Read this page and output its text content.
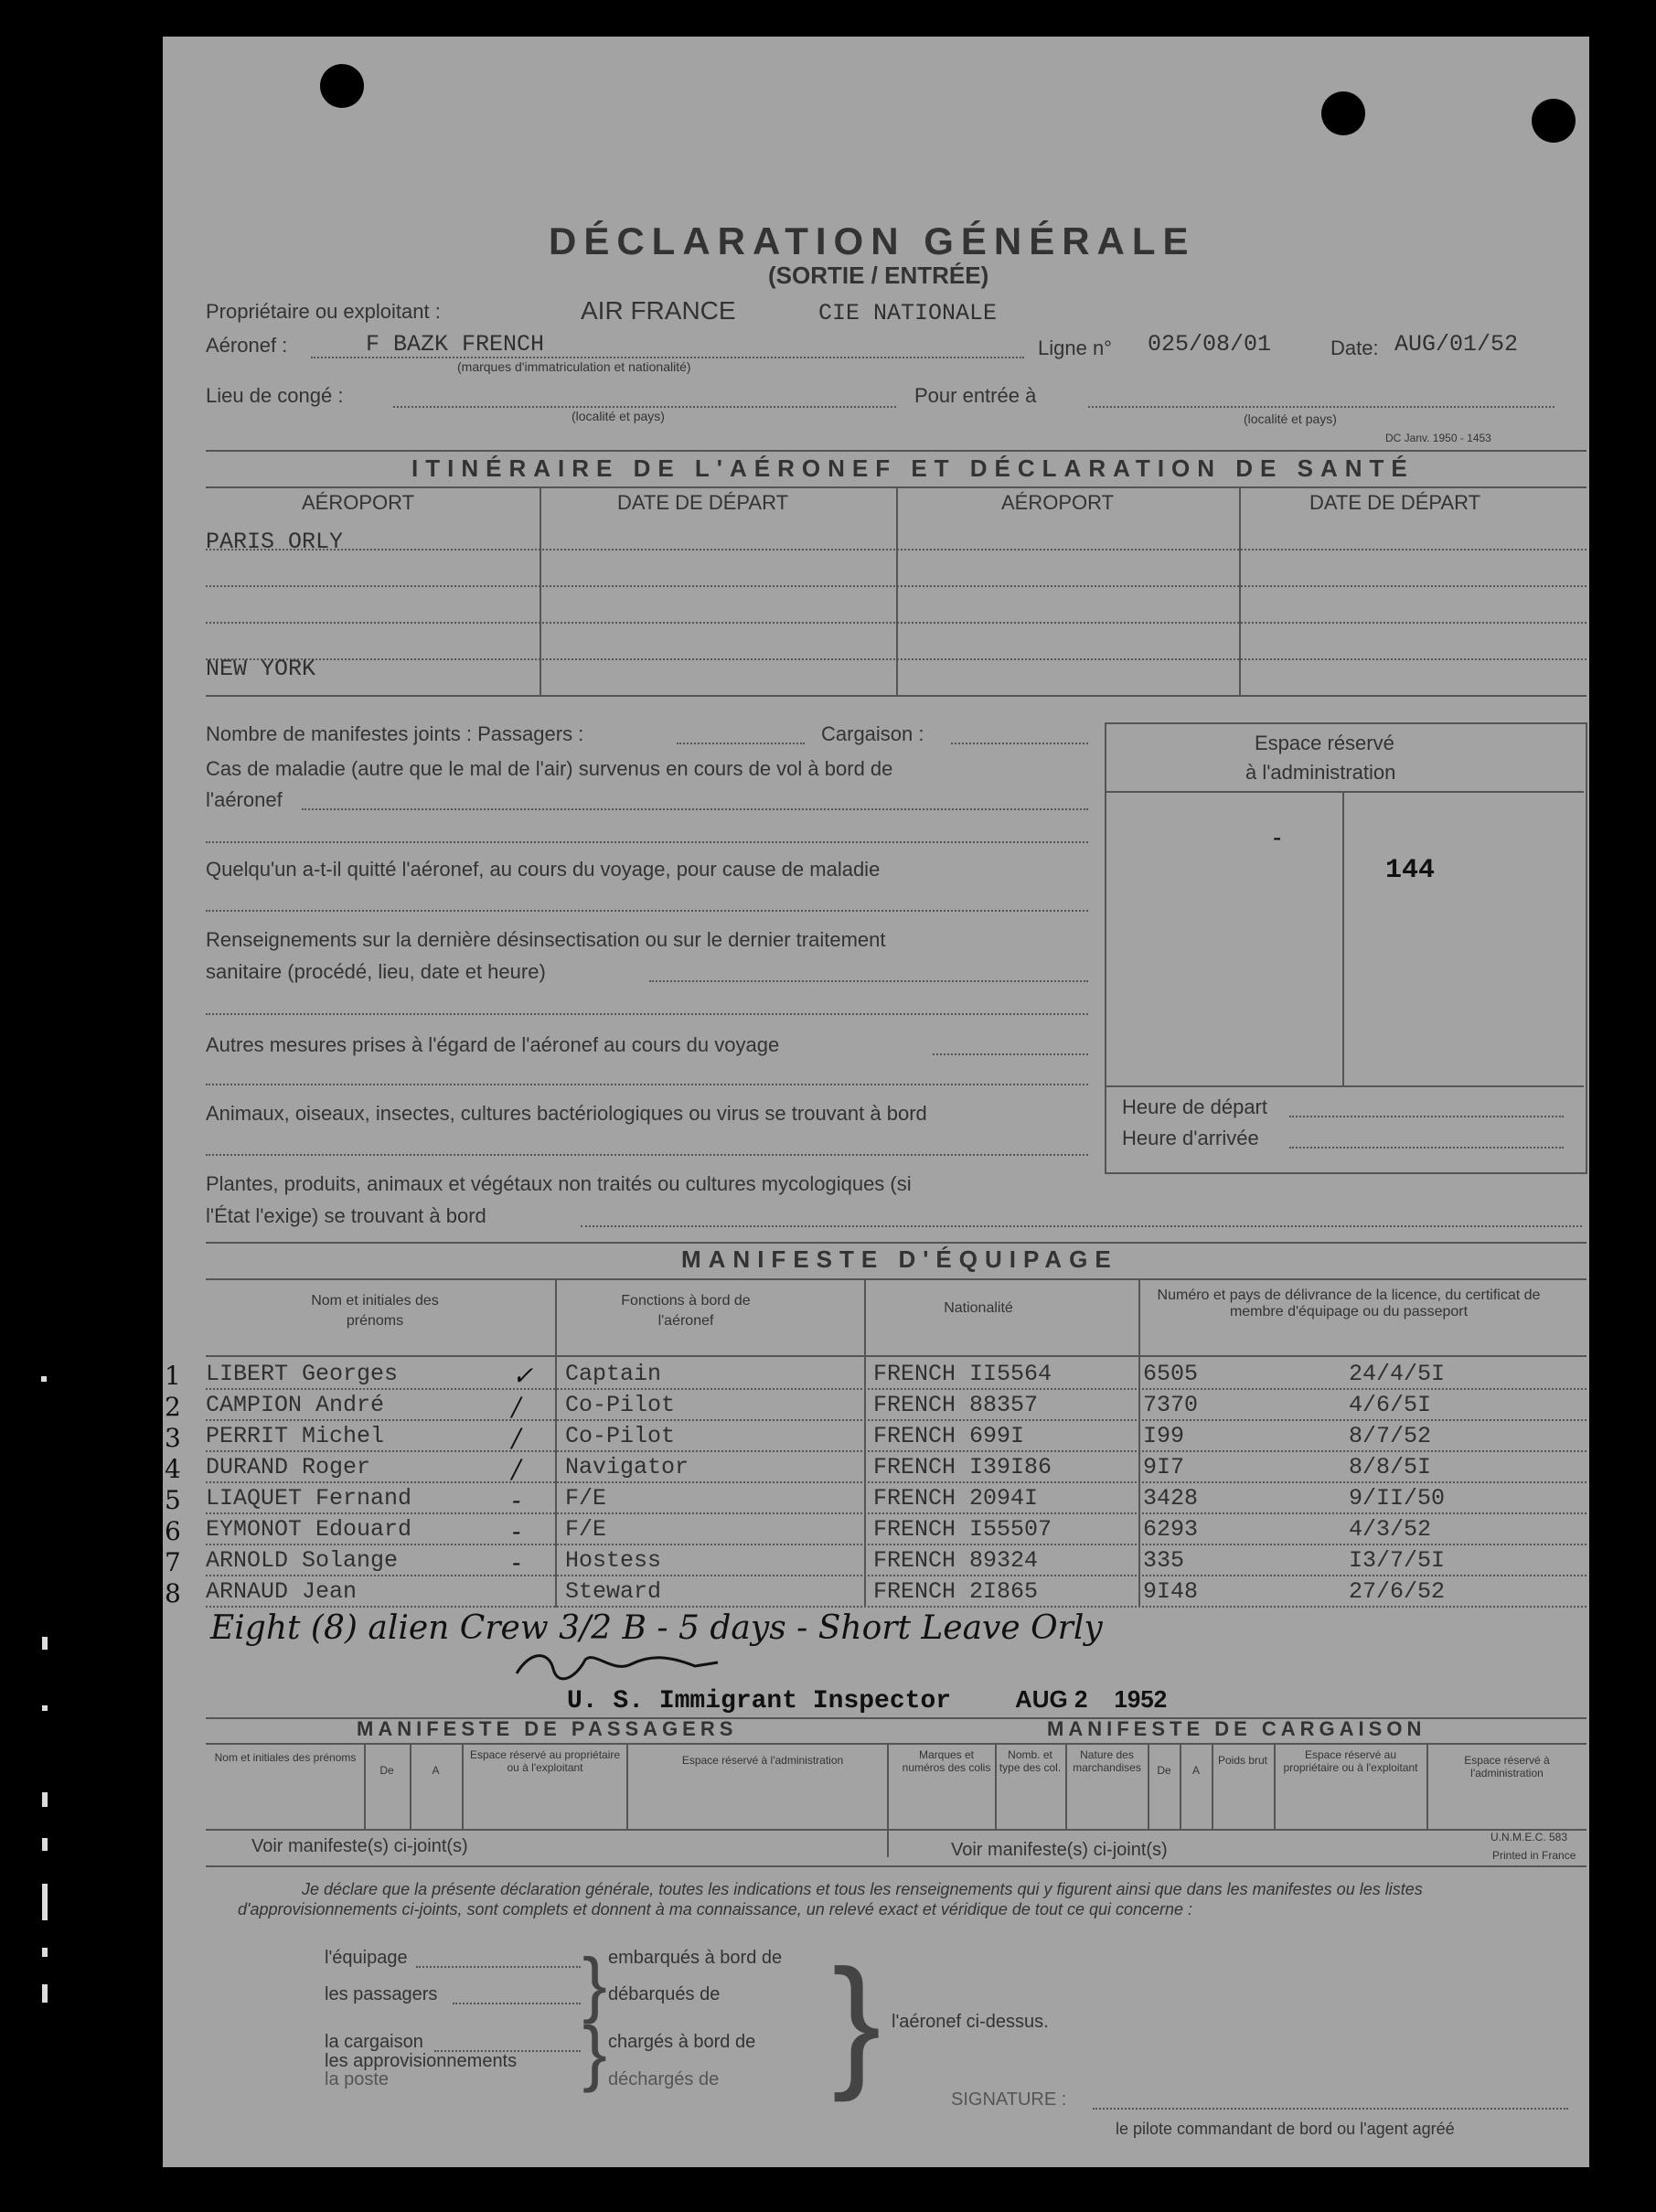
DÉCLARATION GÉNÉRALE
(SORTIE / ENTRÉE)
Propriétaire ou exploitant :	AIR FRANCE	CIE NATIONALE
Aéronef :	F BAZK FRENCH
(marques d'immatriculation et nationalité)
Ligne n° 025/08/01	Date: AUG/01/52
Lieu de congé :
(localité et pays)
Pour entrée à
(localité et pays)
DC Janv. 1950 - 1453
ITINÉRAIRE DE L'AÉRONEF ET DÉCLARATION DE SANTÉ
AÉROPORT	DATE DE DÉPART	AÉROPORT	DATE DE DÉPART
PARIS ORLY
NEW YORK
Nombre de manifestes joints : Passagers :	Cargaison :
Cas de maladie (autre que le mal de l'air) survenus en cours de vol à bord de
l'aéronef
Quelqu'un a-t-il quitté l'aéronef, au cours du voyage, pour cause de maladie
Renseignements sur la dernière désinsectisation ou sur le dernier traitement
sanitaire (procédé, lieu, date et heure)
Autres mesures prises à l'égard de l'aéronef au cours du voyage
Animaux, oiseaux, insectes, cultures bactériologiques ou virus se trouvant à bord
Plantes, produits, animaux et végétaux non traités ou cultures mycologiques (si
l'État l'exige) se trouvant à bord
Espace réservé
à l'administration
-
144
Heure de départ
Heure d'arrivée
MANIFESTE D'ÉQUIPAGE
Nom et initiales des prénoms
Fonctions à bord de l'aéronef
Nationalité
Numéro et pays de délivrance de la licence, du certificat de membre d'équipage ou du passeport
1 LIBERT Georges	✓ Captain	FRENCH II5564	6505	24/4/5I
2 CAMPION André	/ Co-Pilot	FRENCH 88357	7370	4/6/5I
3 PERRIT Michel	/ Co-Pilot	FRENCH 699I	I99	8/7/52
4 DURAND Roger	/ Navigator	FRENCH I39I86	9I7	8/8/5I
5 LIAQUET Fernand	- F/E	FRENCH 2094I	3428	9/II/50
6 EYMONOT Edouard	- F/E	FRENCH I55507	6293	4/3/52
7 ARNOLD Solange	- Hostess	FRENCH 89324	335	I3/7/5I
8 ARNAUD Jean	Steward	FRENCH 2I865	9I48	27/6/52
Eight (8) alien Crew 3/2 B - 5 days - Short Leave Orly
U. S. Immigrant Inspector	AUG 2    1952
MANIFESTE DE PASSAGERS	MANIFESTE DE CARGAISON
Nom et initiales des prénoms
De	A
Espace réservé au propriétaire ou à l'exploitant
Espace réservé à l'administration
Voir manifeste(s) ci-joint(s)
Marques et numéros des colis
Nomb. et type des col.
Nature des marchandises	De	A
Poids brut	Espace réservé au propriétaire ou à l'exploitant
Espace réservé à l'administration
Voir manifeste(s) ci-joint(s)
U.N.M.E.C. 583
Printed in France
Je déclare que la présente déclaration générale, toutes les indications et tous les renseignements qui y figurent ainsi que dans les manifestes ou les listes d'approvisionnements ci-joints, sont complets et donnent à ma connaissance, un relevé exact et véridique de tout ce qui concerne :
l'équipage
les passagers
la cargaison
les approvisionnements
la poste
}
}
embarqués à bord de
débarqués de
chargés à bord de
déchargés de } l'aéronef ci-dessus.
SIGNATURE :
le pilote commandant de bord ou l'agent agréé
